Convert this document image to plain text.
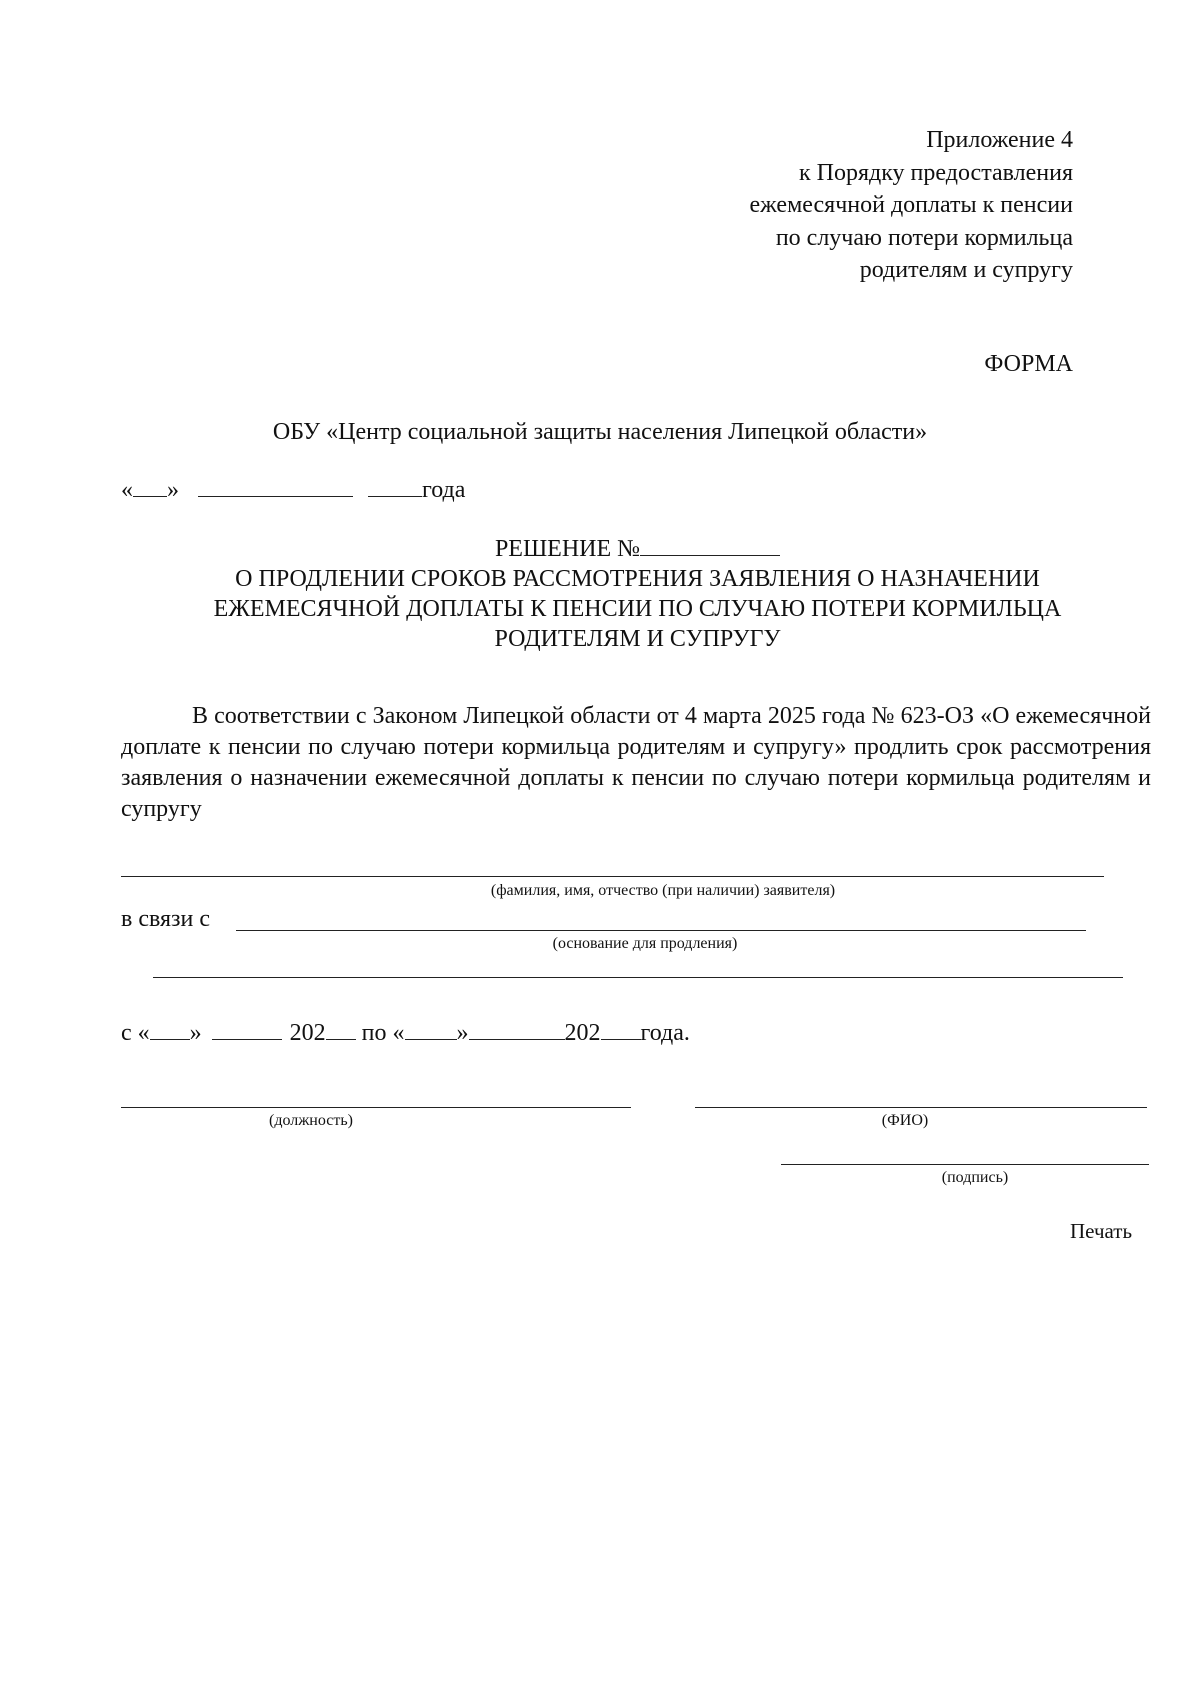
Приложение 4
к Порядку предоставления
ежемесячной доплаты к пенсии
по случаю потери кормильца
родителям и супругу
ФОРМА
ОБУ «Центр социальной защиты населения Липецкой области»
« »	года
РЕШЕНИЕ №
О ПРОДЛЕНИИ СРОКОВ РАССМОТРЕНИЯ ЗАЯВЛЕНИЯ О НАЗНАЧЕНИИ
ЕЖЕМЕСЯЧНОЙ ДОПЛАТЫ К ПЕНСИИ ПО СЛУЧАЮ ПОТЕРИ КОРМИЛЬЦА
РОДИТЕЛЯМ И СУПРУГУ
В соответствии с Законом Липецкой области от 4 марта 2025 года № 623-ОЗ «О ежемесячной доплате к пенсии по случаю потери кормильца родителям и супругу» продлить срок рассмотрения заявления о назначении ежемесячной доплаты к пенсии по случаю потери кормильца родителям и супругу
(фамилия, имя, отчество (при наличии) заявителя)
в связи с
(основание для продления)
с « »	202 по « »	202 года.
(должность)	(ФИО)
(подпись)
Печать
